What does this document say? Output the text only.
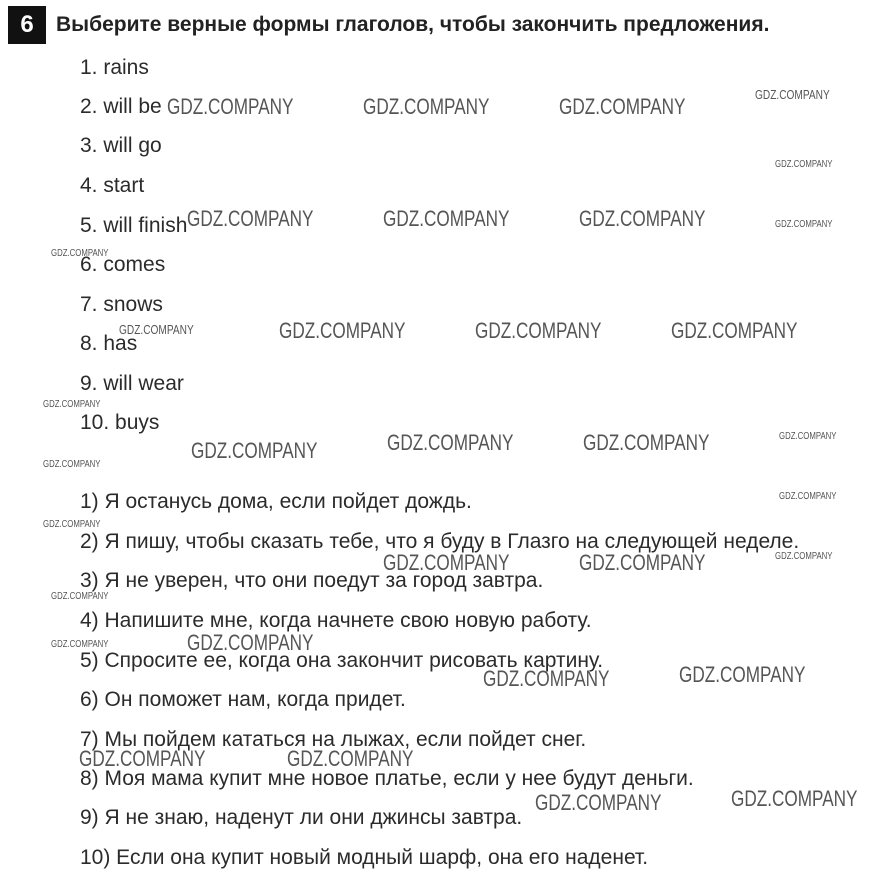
6	Выберите верные формы глаголов, чтобы закончить предложения.
1. rains
2. will be
3. will go
4. start
5. will finish
6. comes
7. snows
8. has
9. will wear
10. buys
1) Я останусь дома, если пойдет дождь.
2) Я пишу, чтобы сказать тебе, что я буду в Глазго на следующей неделе.
3) Я не уверен, что они поедут за город завтра.
4) Напишите мне, когда начнете свою новую работу.
5) Спросите ее, когда она закончит рисовать картину.
6) Он поможет нам, когда придет.
7) Мы пойдем кататься на лыжах, если пойдет снег.
8) Моя мама купит мне новое платье, если у нее будут деньги.
9) Я не знаю, наденут ли они джинсы завтра.
10) Если она купит новый модный шарф, она его наденет.
GDZ.COMPANY	GDZ.COMPANY	GDZ.COMPANY	GDZ.COMPANY
GDZ.COMPANY
GDZ.COMPANY	GDZ.COMPANY	GDZ.COMPANY	GDZ.COMPANY
GDZ.COMPANY
GDZ.COMPANY	GDZ.COMPANY	GDZ.COMPANY	GDZ.COMPANY
GDZ.COMPANY
GDZ.COMPANY	GDZ.COMPANY	GDZ.COMPANY
GDZ.COMPANY
GDZ.COMPANY
GDZ.COMPANY
GDZ.COMPANY
GDZ.COMPANY	GDZ.COMPANY	GDZ.COMPANY
GDZ.COMPANY
GDZ.COMPANY
GDZ.COMPANY
GDZ.COMPANY
GDZ.COMPANY
GDZ.COMPANY	GDZ.COMPANY
GDZ.COMPANY
GDZ.COMPANY
